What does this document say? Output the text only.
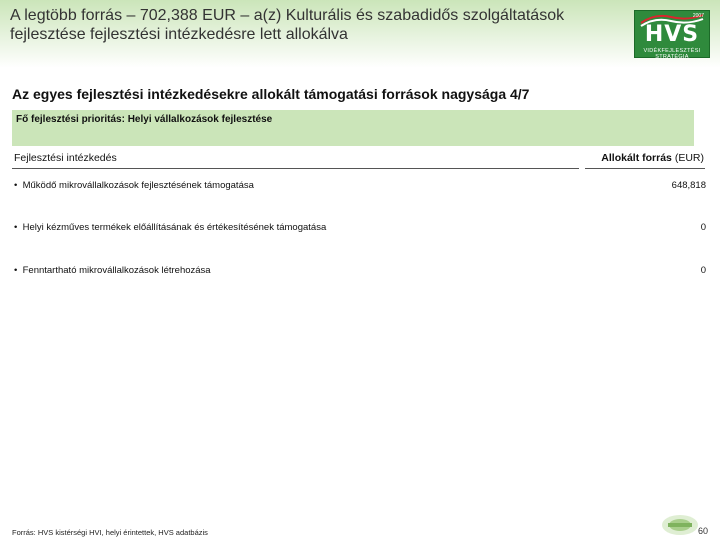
A legtöbb forrás – 702,388 EUR – a(z) Kulturális és szabadidős szolgáltatások fejlesztése fejlesztési intézkedésre lett allokálva
2007
HVS
VIDÉKFEJLESZTÉSI STRATÉGIA
Az egyes fejlesztési intézkedésekre allokált támogatási források nagysága 4/7
Fő fejlesztési prioritás: Helyi vállalkozások fejlesztése
Fejlesztési intézkedés	Allokált forrás (EUR)
• Működő mikrovállalkozások fejlesztésének támogatása	648,818
• Helyi kézműves termékek előállításának és értékesítésének támogatása	0
• Fenntartható mikrovállalkozások létrehozása	0
Forrás: HVS kistérségi HVI, helyi érintettek, HVS adatbázis	60
